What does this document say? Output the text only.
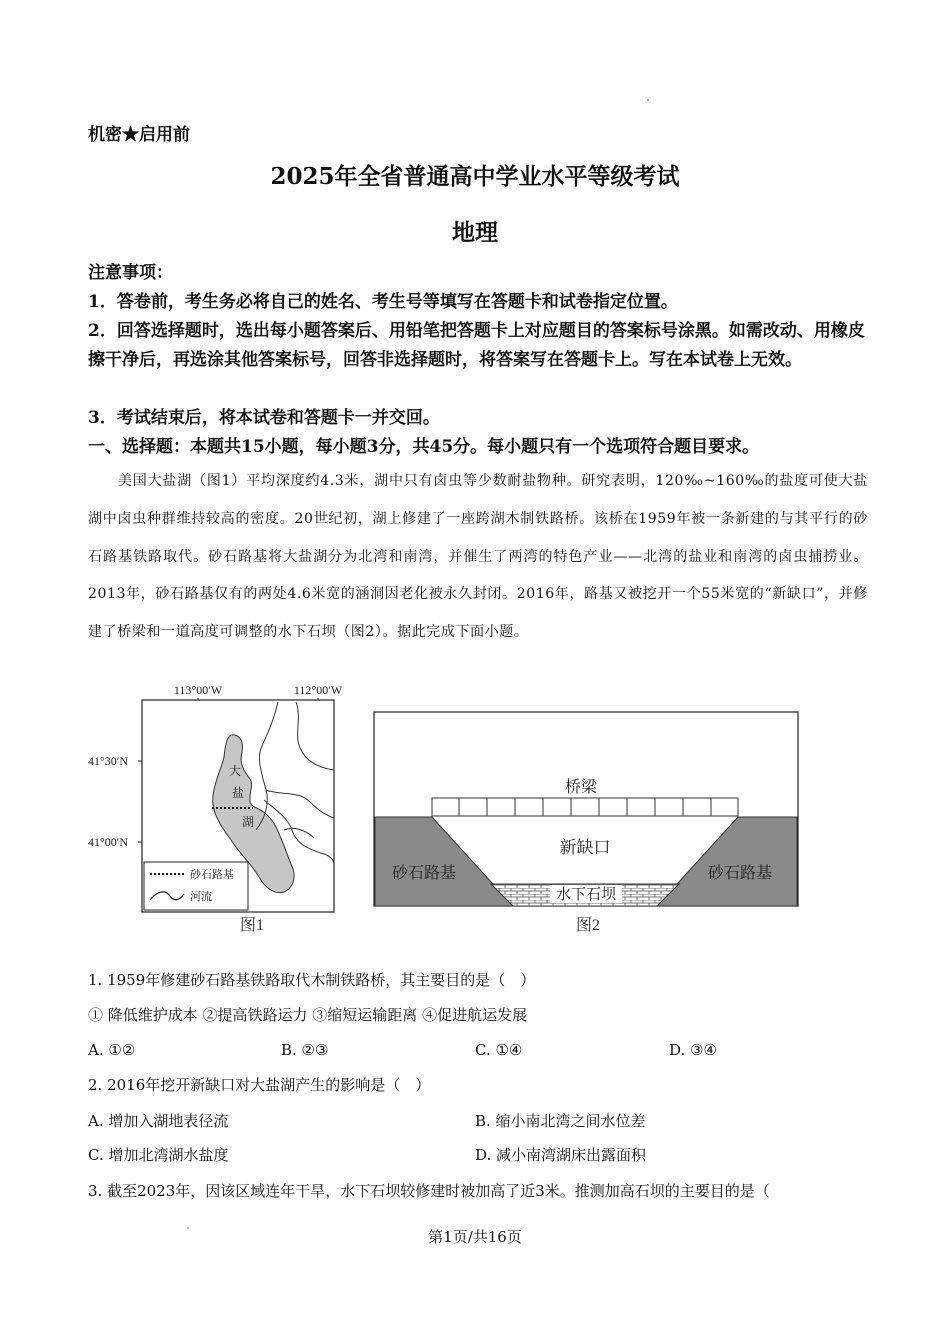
机密★启用前
2025年全省普通高中学业水平等级考试
地理
注意事项：
1．答卷前，考生务必将自己的姓名、考生号等填写在答题卡和试卷指定位置。
2．回答选择题时，选出每小题答案后、用铅笔把答题卡上对应题目的答案标号涂黑。如需改动、用橡皮擦干净后，再选涂其他答案标号，回答非选择题时，将答案写在答题卡上。写在本试卷上无效。
3．考试结束后，将本试卷和答题卡一并交回。
一、选择题：本题共15小题，每小题3分，共45分。每小题只有一个选项符合题目要求。
美国大盐湖（图1）平均深度约4.3米，湖中只有卤虫等少数耐盐物种。研究表明，120‰~160‰的盐度可使大盐湖中卤虫种群维持较高的密度。20世纪初，湖上修建了一座跨湖木制铁路桥。该桥在1959年被一条新建的与其平行的砂石路基铁路取代。砂石路基将大盐湖分为北湾和南湾，并催生了两湾的特色产业——北湾的盐业和南湾的卤虫捕捞业。2013年，砂石路基仅有的两处4.6米宽的涵洞因老化被永久封闭。2016年，路基又被挖开一个55米宽的“新缺口”，并修建了桥梁和一道高度可调整的水下石坝（图2）。据此完成下面小题。
113°00′W	112°00′W
41°30′N
41°00′N
大
盐
湖
砂石路基
河流
图1
桥梁
新缺口
砂石路基	砂石路基
水下石坝
图2
1. 1959年修建砂石路基铁路取代木制铁路桥，其主要目的是（　）
① 降低维护成本 ②提高铁路运力 ③缩短运输距离 ④促进航运发展
A. ①②	B. ②③	C. ①④	D. ③④
2. 2016年挖开新缺口对大盐湖产生的影响是（　）
A. 增加入湖地表径流	B. 缩小南北湾之间水位差
C. 增加北湾湖水盐度	D. 减小南湾湖床出露面积
3. 截至2023年，因该区域连年干旱，水下石坝较修建时被加高了近3米。推测加高石坝的主要目的是（
第1页/共16页
